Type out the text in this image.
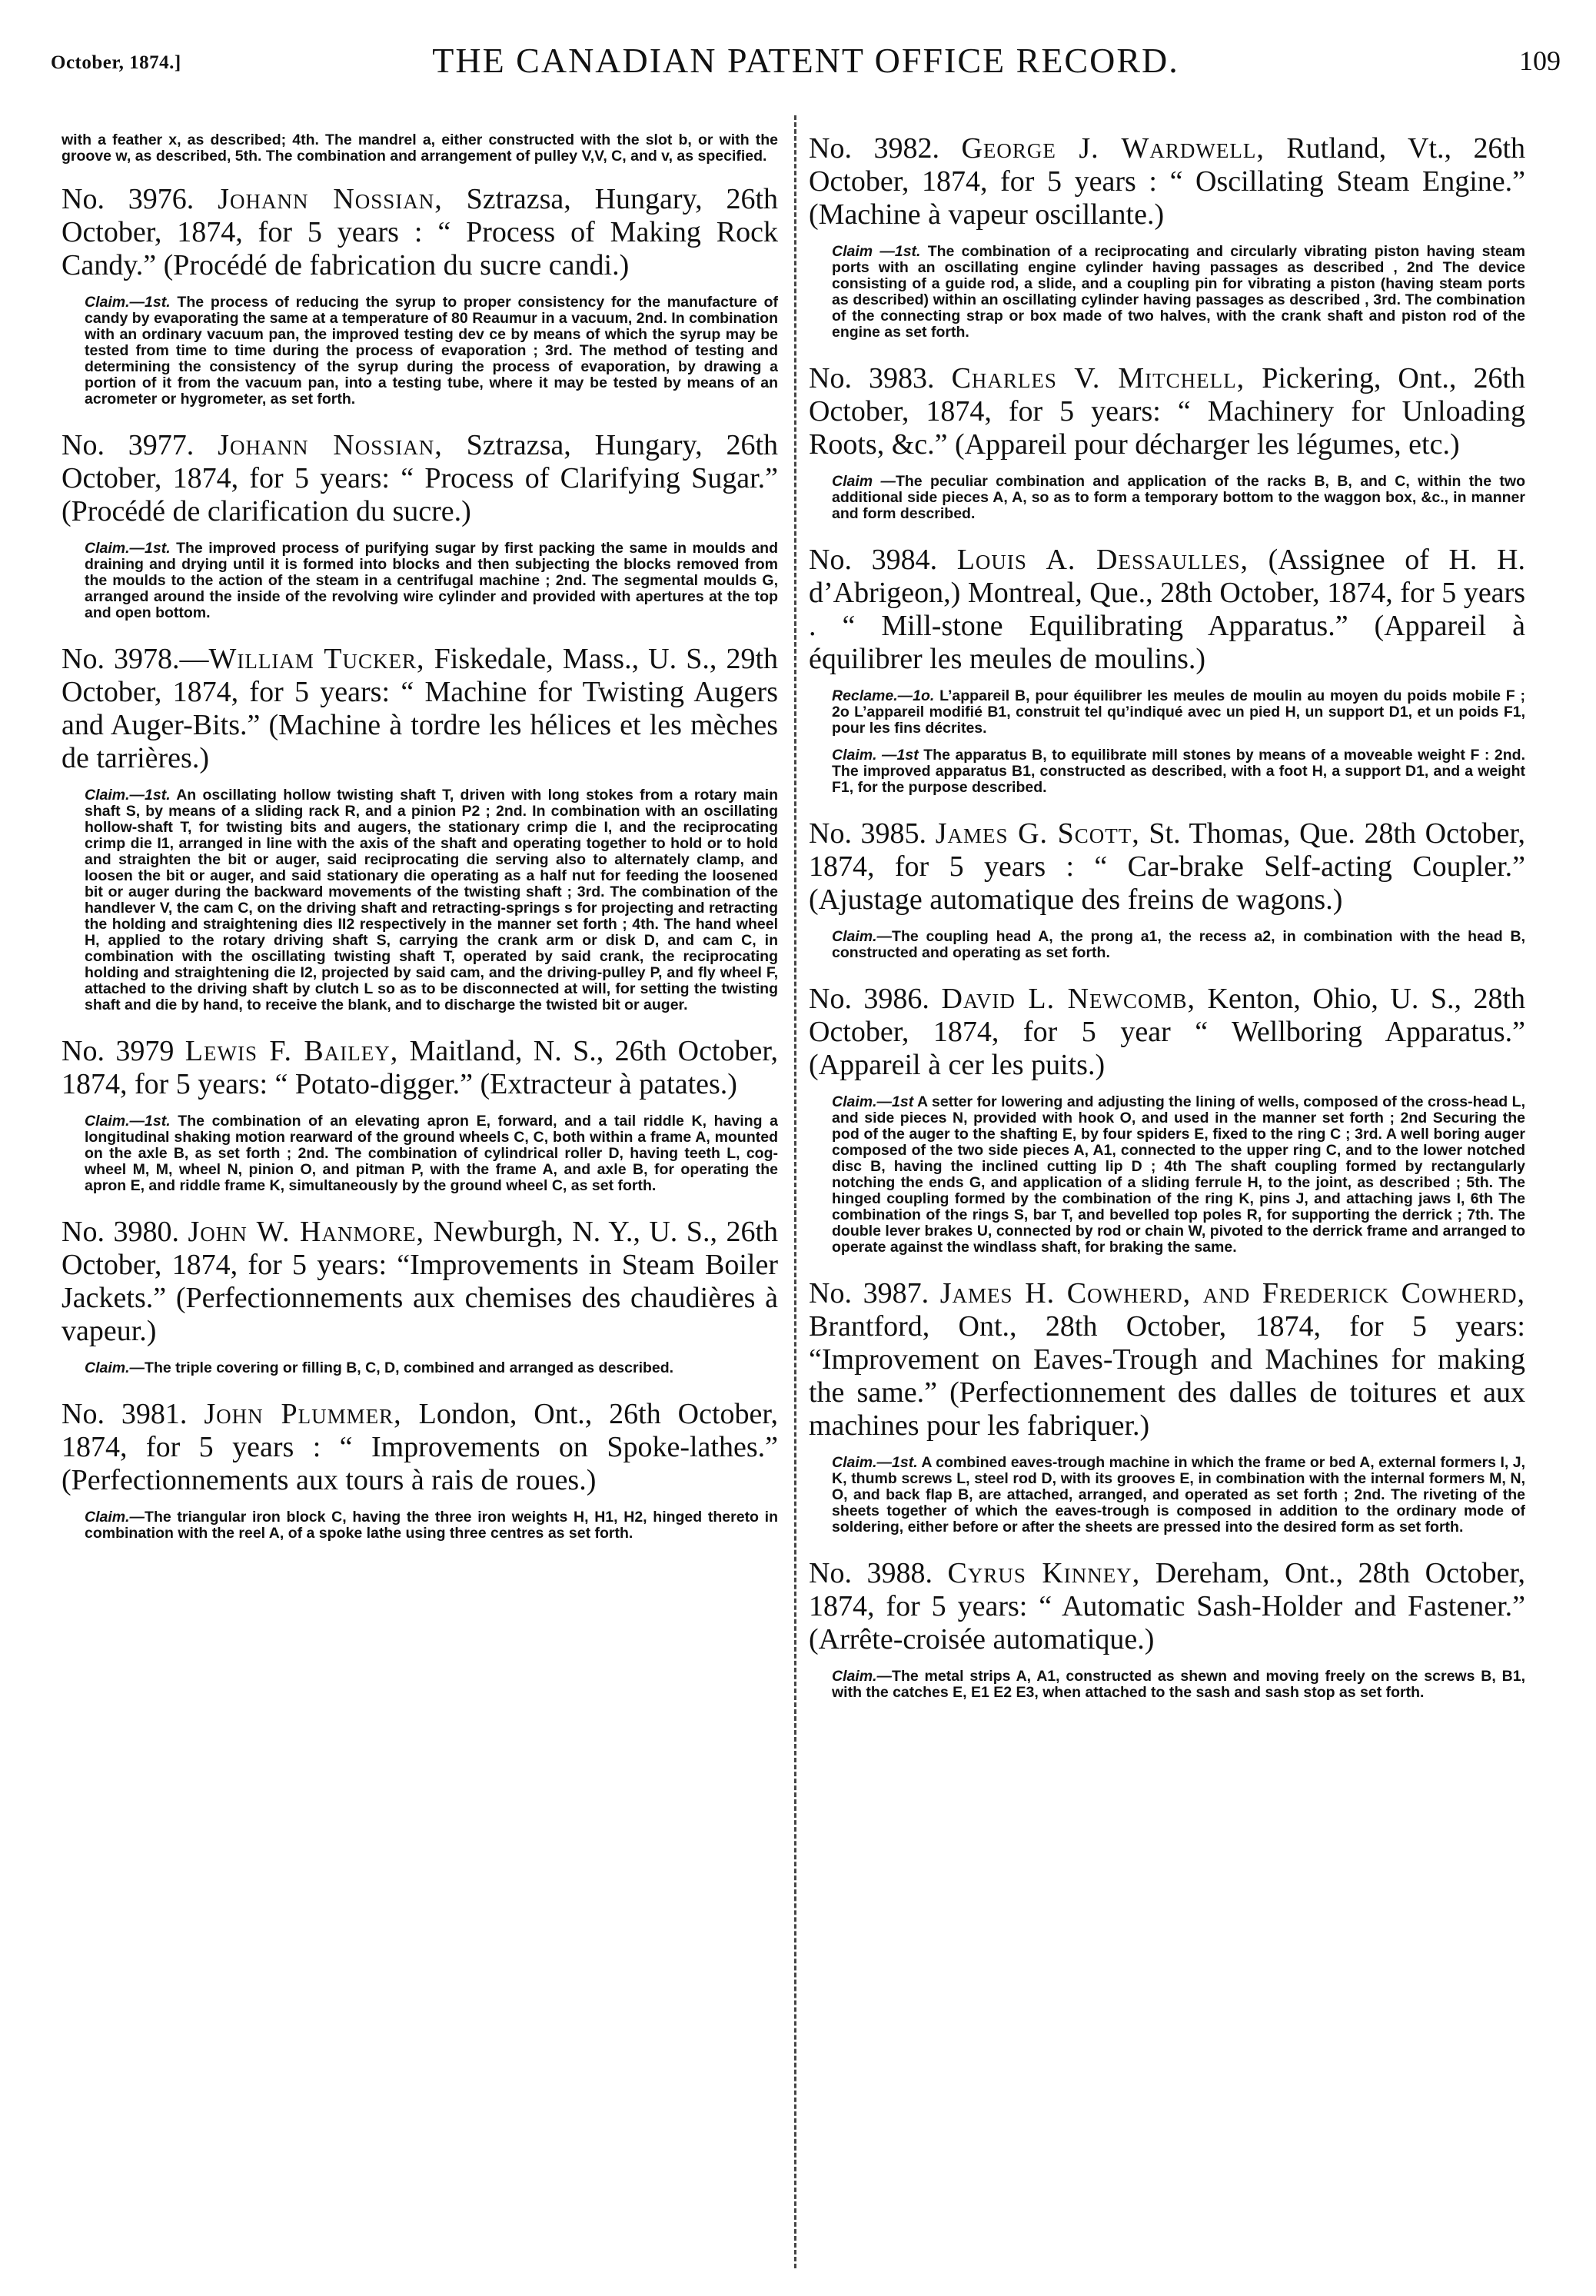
October, 1874.]	THE CANADIAN PATENT OFFICE RECORD.	109

with a feather x, as described; 4th. The mandrel a, either constructed with the slot b, or with the groove w, as described, 5th. The combination and arrangement of pulley V,V, C, and v, as specified.

No. 3976. Johann Nossian, Sztrazsa, Hungary, 26th October, 1874, for 5 years : “ Process of Making Rock Candy.” (Procédé de fabrication du sucre candi.)

Claim.—1st. The process of reducing the syrup to proper consistency for the manufacture of candy by evaporating the same at a temperature of 80 Reaumur in a vacuum, 2nd. In combination with an ordinary vacuum pan, the improved testing dev ce by means of which the syrup may be tested from time to time during the process of evaporation ; 3rd. The method of testing and determining the consistency of the syrup during the process of evaporation, by drawing a portion of it from the vacuum pan, into a testing tube, where it may be tested by means of an acrometer or hygrometer, as set forth.

No. 3977. Johann Nossian, Sztrazsa, Hungary, 26th October, 1874, for 5 years: “ Process of Clarifying Sugar.” (Procédé de clarification du sucre.)

Claim.—1st. The improved process of purifying sugar by first packing the same in moulds and draining and drying until it is formed into blocks and then subjecting the blocks removed from the moulds to the action of the steam in a centrifugal machine ; 2nd. The segmental moulds G, arranged around the inside of the revolving wire cylinder and provided with apertures at the top and open bottom.

No. 3978.—William Tucker, Fiskedale, Mass., U. S., 29th October, 1874, for 5 years: “ Machine for Twisting Augers and Auger-Bits.” (Machine à tordre les hélices et les mèches de tarrières.)

Claim.—1st. An oscillating hollow twisting shaft T, driven with long stokes from a rotary main shaft S, by means of a sliding rack R, and a pinion P2 ; 2nd. In combination with an oscillating hollow-shaft T, for twisting bits and augers, the stationary crimp die I, and the reciprocating crimp die I1, arranged in line with the axis of the shaft and operating together to hold or to hold and straighten the bit or auger, said reciprocating die serving also to alternately clamp, and loosen the bit or auger, and said stationary die operating as a half nut for feeding the loosened bit or auger during the backward movements of the twisting shaft ; 3rd. The combination of the handlever V, the cam C, on the driving shaft and retracting-springs s for projecting and retracting the holding and straightening dies II2 respectively in the manner set forth ; 4th. The hand wheel H, applied to the rotary driving shaft S, carrying the crank arm or disk D, and cam C, in combination with the oscillating twisting shaft T, operated by said crank, the reciprocating holding and straightening die I2, projected by said cam, and the driving-pulley P, and fly wheel F, attached to the driving shaft by clutch L so as to be disconnected at will, for setting the twisting shaft and die by hand, to receive the blank, and to discharge the twisted bit or auger.

No. 3979 Lewis F. Bailey, Maitland, N. S., 26th October, 1874, for 5 years: “ Potato-digger.” (Extracteur à patates.)

Claim.—1st. The combination of an elevating apron E, forward, and a tail riddle K, having a longitudinal shaking motion rearward of the ground wheels C, C, both within a frame A, mounted on the axle B, as set forth ; 2nd. The combination of cylindrical roller D, having teeth L, cog-wheel M, M, wheel N, pinion O, and pitman P, with the frame A, and axle B, for operating the apron E, and riddle frame K, simultaneously by the ground wheel C, as set forth.

No. 3980. John W. Hanmore, Newburgh, N. Y., U. S., 26th October, 1874, for 5 years: “Improvements in Steam Boiler Jackets.” (Perfectionnements aux chemises des chaudières à vapeur.)

Claim.—The triple covering or filling B, C, D, combined and arranged as described.

No. 3981. John Plummer, London, Ont., 26th October, 1874, for 5 years : “ Improvements on Spoke-lathes.” (Perfectionnements aux tours à rais de roues.)

Claim.—The triangular iron block C, having the three iron weights H, H1, H2, hinged thereto in combination with the reel A, of a spoke lathe using three centres as set forth.

No. 3982. George J. Wardwell, Rutland, Vt., 26th October, 1874, for 5 years : “ Oscillating Steam Engine.” (Machine à vapeur oscillante.)

Claim —1st. The combination of a reciprocating and circularly vibrating piston having steam ports with an oscillating engine cylinder having passages as described , 2nd The device consisting of a guide rod, a slide, and a coupling pin for vibrating a piston (having steam ports as described) within an oscillating cylinder having passages as described , 3rd. The combination of the connecting strap or box made of two halves, with the crank shaft and piston rod of the engine as set forth.

No. 3983. Charles V. Mitchell, Pickering, Ont., 26th October, 1874, for 5 years: “ Machinery for Unloading Roots, &c.” (Appareil pour décharger les légumes, etc.)

Claim —The peculiar combination and application of the racks B, B, and C, within the two additional side pieces A, A, so as to form a temporary bottom to the waggon box, &c., in manner and form described.

No. 3984. Louis A. Dessaulles, (Assignee of H. H. d’Abrigeon,) Montreal, Que., 28th October, 1874, for 5 years . “ Mill-stone Equilibrating Apparatus.” (Appareil à équilibrer les meules de moulins.)

Reclame.—1o. L’appareil B, pour équilibrer les meules de moulin au moyen du poids mobile F ; 2o L’appareil modifié B1, construit tel qu’indiqué avec un pied H, un support D1, et un poids F1, pour les fins décrites.

Claim. —1st The apparatus B, to equilibrate mill stones by means of a moveable weight F : 2nd. The improved apparatus B1, constructed as described, with a foot H, a support D1, and a weight F1, for the purpose described.

No. 3985. James G. Scott, St. Thomas, Que. 28th October, 1874, for 5 years : “ Car-brake Self-acting Coupler.” (Ajustage automatique des freins de wagons.)

Claim.—The coupling head A, the prong a1, the recess a2, in combination with the head B, constructed and operating as set forth.

No. 3986. David L. Newcomb, Kenton, Ohio, U. S., 28th October, 1874, for 5 year “ Wellboring Apparatus.” (Appareil à cer les puits.)

Claim.—1st A setter for lowering and adjusting the lining of wells, composed of the cross-head L, and side pieces N, provided with hook O, and used in the manner set forth ; 2nd Securing the pod of the auger to the shafting E, by four spiders E, fixed to the ring C ; 3rd. A well boring auger composed of the two side pieces A, A1, connected to the upper ring C, and to the lower notched disc B, having the inclined cutting lip D ; 4th The shaft coupling formed by rectangularly notching the ends G, and application of a sliding ferrule H, to the joint, as described ; 5th. The hinged coupling formed by the combination of the ring K, pins J, and attaching jaws I, 6th The combination of the rings S, bar T, and bevelled top poles R, for supporting the derrick ; 7th. The double lever brakes U, connected by rod or chain W, pivoted to the derrick frame and arranged to operate against the windlass shaft, for braking the same.

No. 3987. James H. Cowherd, and Frederick Cowherd, Brantford, Ont., 28th October, 1874, for 5 years: “Improvement on Eaves-Trough and Machines for making the same.” (Perfectionnement des dalles de toitures et aux machines pour les fabriquer.)

Claim.—1st. A combined eaves-trough machine in which the frame or bed A, external formers I, J, K, thumb screws L, steel rod D, with its grooves E, in combination with the internal formers M, N, O, and back flap B, are attached, arranged, and operated as set forth ; 2nd. The riveting of the sheets together of which the eaves-trough is composed in addition to the ordinary mode of soldering, either before or after the sheets are pressed into the desired form as set forth.

No. 3988. Cyrus Kinney, Dereham, Ont., 28th October, 1874, for 5 years: “ Automatic Sash-Holder and Fastener.” (Arrête-croisée automatique.)

Claim.—The metal strips A, A1, constructed as shewn and moving freely on the screws B, B1, with the catches E, E1 E2 E3, when attached to the sash and sash stop as set forth.
